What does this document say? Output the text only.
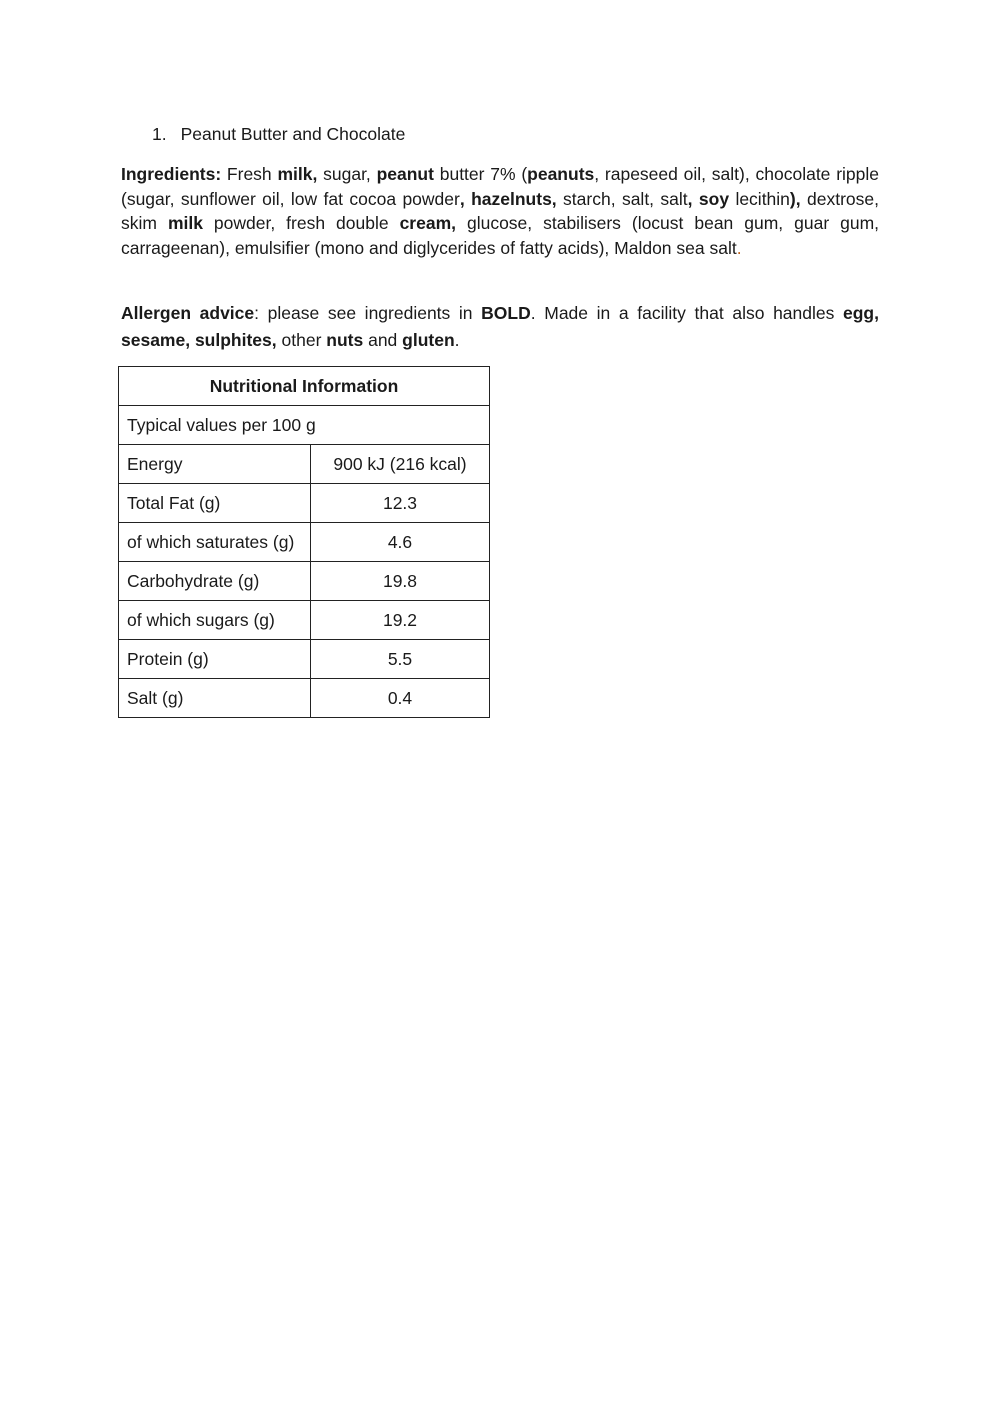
1. Peanut Butter and Chocolate
Ingredients: Fresh milk, sugar, peanut butter 7% (peanuts, rapeseed oil, salt), chocolate ripple (sugar, sunflower oil, low fat cocoa powder, hazelnuts, starch, salt, salt, soy lecithin), dextrose, skim milk powder, fresh double cream, glucose, stabilisers (locust bean gum, guar gum, carrageenan), emulsifier (mono and diglycerides of fatty acids), Maldon sea salt.
Allergen advice: please see ingredients in BOLD. Made in a facility that also handles egg, sesame, sulphites, other nuts and gluten.
Nutritional Information	
Typical values per 100 g	
Energy	900 kJ (216 kcal)
Total Fat (g)	12.3
of which saturates (g)	4.6
Carbohydrate (g)	19.8
of which sugars (g)	19.2
Protein (g)	5.5
Salt (g)	0.4
